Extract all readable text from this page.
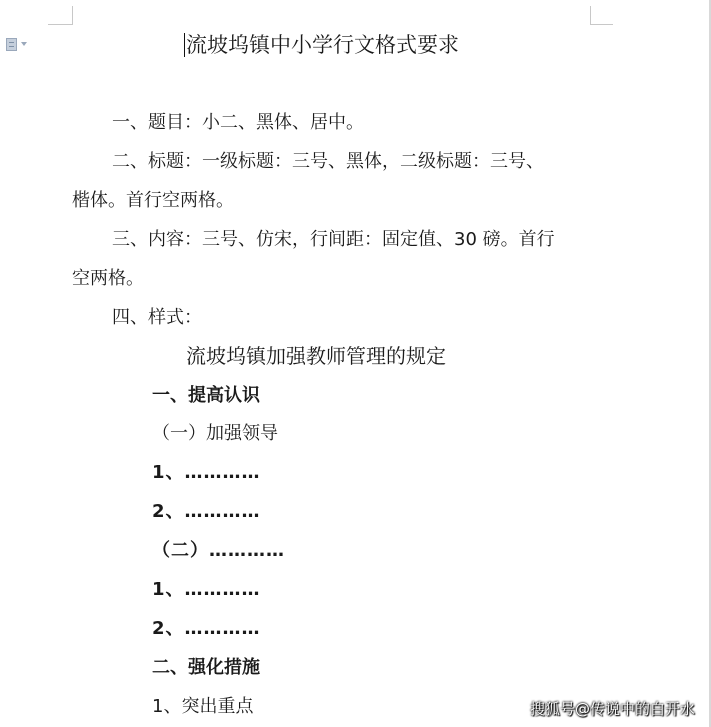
流坡坞镇中小学行文格式要求
一、题目：小二、黑体、居中。
二、标题：一级标题：三号、黑体，二级标题：三号、
楷体。首行空两格。
三、内容：三号、仿宋，行间距：固定值、30 磅。首行
空两格。
四、样式：
流坡坞镇加强教师管理的规定
一、提高认识
（一）加强领导
1、…………
2、…………
（二）…………
1、…………
2、…………
二、强化措施
1、突出重点	搜狐号@传说中的白开水
